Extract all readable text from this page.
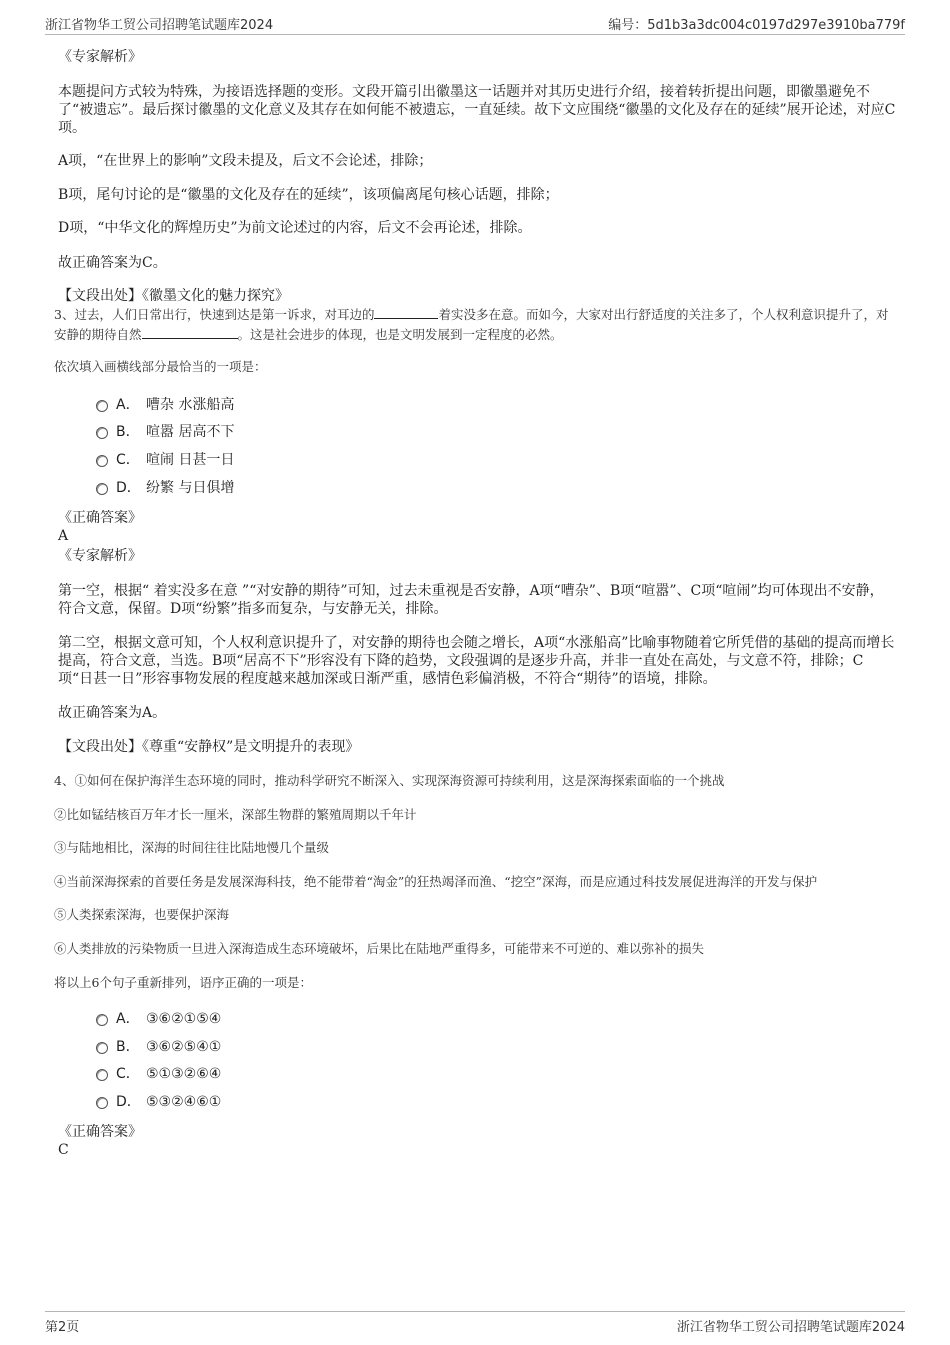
浙江省物华工贸公司招聘笔试题库2024	编号：5d1b3a3dc004c0197d297e3910ba779f
《专家解析》
本题提问方式较为特殊，为接语选择题的变形。文段开篇引出徽墨这一话题并对其历史进行介绍，接着转折提出问题，即徽墨避免不了“被遗忘”。最后探讨徽墨的文化意义及其存在如何能不被遗忘，一直延续。故下文应围绕“徽墨的文化及存在的延续”展开论述，对应C项。
A项，“在世界上的影响”文段未提及，后文不会论述，排除；
B项，尾句讨论的是“徽墨的文化及存在的延续”，该项偏离尾句核心话题，排除；
D项，“中华文化的辉煌历史”为前文论述过的内容，后文不会再论述，排除。
故正确答案为C。
【文段出处】《徽墨文化的魅力探究》
3、过去，人们日常出行，快速到达是第一诉求，对耳边的	着实没多在意。而如今，大家对出行舒适度的关注多了，个人权利意识提升了，对安静的期待自然	。这是社会进步的体现，也是文明发展到一定程度的必然。
依次填入画横线部分最恰当的一项是：
A． 嘈杂 水涨船高
B． 喧嚣 居高不下
C． 喧闹 日甚一日
D． 纷繁 与日俱增
《正确答案》
A
《专家解析》
第一空，根据“ 着实没多在意 ”“对安静的期待”可知，过去未重视是否安静，A项“嘈杂”、B项“喧嚣”、C项“喧闹”均可体现出不安静，符合文意，保留。D项“纷繁”指多而复杂，与安静无关，排除。
第二空，根据文意可知，个人权利意识提升了，对安静的期待也会随之增长，A项“水涨船高”比喻事物随着它所凭借的基础的提高而增长提高，符合文意，当选。B项“居高不下”形容没有下降的趋势，文段强调的是逐步升高，并非一直处在高处，与文意不符，排除；C项“日甚一日”形容事物发展的程度越来越加深或日渐严重，感情色彩偏消极，不符合“期待”的语境，排除。
故正确答案为A。
【文段出处】《尊重“安静权”是文明提升的表现》
4、①如何在保护海洋生态环境的同时，推动科学研究不断深入、实现深海资源可持续利用，这是深海探索面临的一个挑战
②比如锰结核百万年才长一厘米，深部生物群的繁殖周期以千年计
③与陆地相比，深海的时间往往比陆地慢几个量级
④当前深海探索的首要任务是发展深海科技，绝不能带着“淘金”的狂热竭泽而渔、“挖空”深海，而是应通过科技发展促进海洋的开发与保护
⑤人类探索深海，也要保护深海
⑥人类排放的污染物质一旦进入深海造成生态环境破坏，后果比在陆地严重得多，可能带来不可逆的、难以弥补的损失
将以上6个句子重新排列，语序正确的一项是：
A． ③⑥②①⑤④
B． ③⑥②⑤④①
C． ⑤①③②⑥④
D． ⑤③②④⑥①
《正确答案》
C
第2页	浙江省物华工贸公司招聘笔试题库2024
